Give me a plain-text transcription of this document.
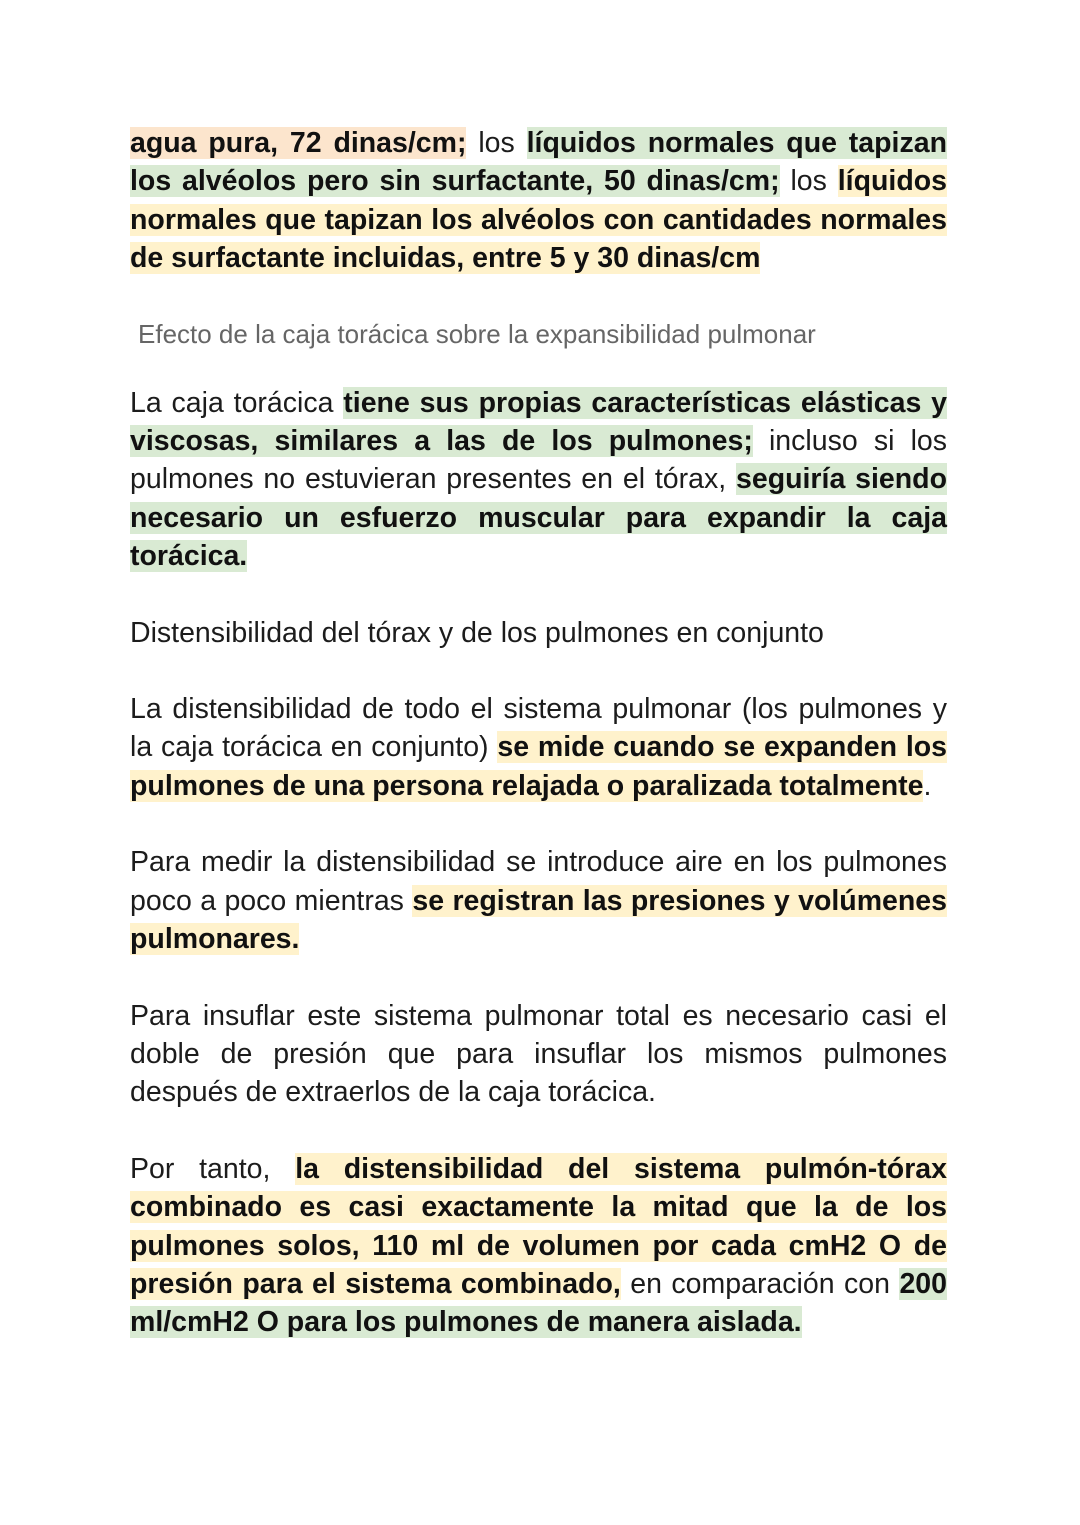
agua pura, 72 dinas/cm; los líquidos normales que tapizan los alvéolos pero sin surfactante, 50 dinas/cm; los líquidos normales que tapizan los alvéolos con cantidades normales de surfactante incluidas, entre 5 y 30 dinas/cm

Efecto de la caja torácica sobre la expansibilidad pulmonar

La caja torácica tiene sus propias características elásticas y viscosas, similares a las de los pulmones; incluso si los pulmones no estuvieran presentes en el tórax, seguiría siendo necesario un esfuerzo muscular para expandir la caja torácica.

Distensibilidad del tórax y de los pulmones en conjunto

La distensibilidad de todo el sistema pulmonar (los pulmones y la caja torácica en conjunto) se mide cuando se expanden los pulmones de una persona relajada o paralizada totalmente.

Para medir la distensibilidad se introduce aire en los pulmones poco a poco mientras se registran las presiones y volúmenes pulmonares.

Para insuflar este sistema pulmonar total es necesario casi el doble de presión que para insuflar los mismos pulmones después de extraerlos de la caja torácica.

Por tanto, la distensibilidad del sistema pulmón-tórax combinado es casi exactamente la mitad que la de los pulmones solos, 110 ml de volumen por cada cmH2 O de presión para el sistema combinado, en comparación con 200 ml/cmH2 O para los pulmones de manera aislada.
